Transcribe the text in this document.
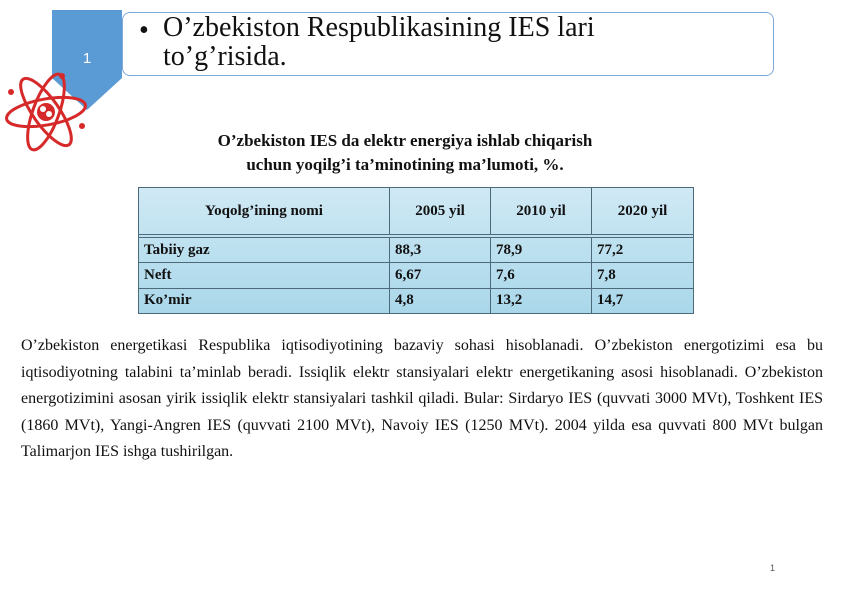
1
• O’zbekiston Respublikasining IES lari
to’g’risida.
O’zbekiston IES da elektr energiya ishlab chiqarish
uchun yoqilg’i ta’minotining ma’lumoti, %.
Yoqolg’ining nomi	2005 yil	2010 yil	2020 yil

Tabiiy gaz	88,3	78,9	77,2
Neft	6,67	7,6	7,8
Ko’mir	4,8	13,2	14,7
O’zbekiston energetikasi Respublika iqtisodiyotining bazaviy sohasi hisoblanadi. O’zbekiston energotizimi esa bu iqtisodiyotning talabini ta’minlab beradi. Issiqlik elektr stansiyalari elektr energetikaning asosi hisoblanadi. O’zbekiston energotizimini asosan yirik issiqlik elektr stansiyalari tashkil qiladi. Bular: Sirdaryo IES (quvvati 3000 MVt), Toshkent IES (1860 MVt), Yangi-Angren IES (quvvati 2100 MVt), Navoiy IES (1250 MVt). 2004 yilda esa quvvati 800 MVt bulgan Talimarjon IES ishga tushirilgan.
1
